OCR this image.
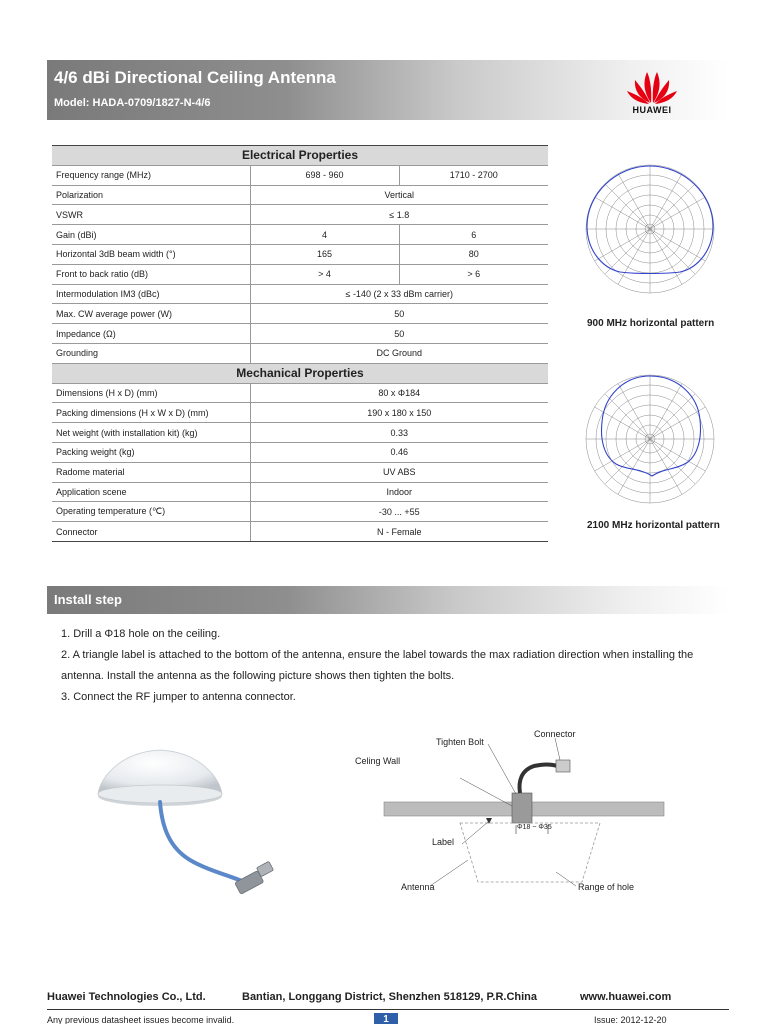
4/6 dBi Directional Ceiling Antenna
Model: HADA-0709/1827-N-4/6
HUAWEI
Electrical Properties		
Frequency range (MHz)	698 - 960	1710 - 2700
Polarization	Vertical	
VSWR	≤ 1.8	
Gain (dBi)	4	6
Horizontal 3dB beam width (°)	165	80
Front to back ratio (dB)	> 4	> 6
Intermodulation IM3 (dBc)	≤ -140 (2 x 33 dBm carrier)	
Max. CW average power (W)	50	
Impedance (Ω)	50	
Grounding	DC Ground	
Mechanical Properties		
Dimensions (H x D) (mm)	80 x Φ184	
Packing dimensions (H x W x D) (mm)	190 x 180 x 150	
Net weight (with installation kit) (kg)	0.33	
Packing weight (kg)	0.46	
Radome material	UV ABS	
Application scene	Indoor	
Operating temperature (℃)	-30 ... +55	
Connector	N - Female	
900 MHz horizontal pattern
2100 MHz horizontal pattern
Install step
1. Drill a Φ18 hole on the ceiling.
2. A triangle label is attached to the bottom of the antenna, ensure the label towards the max radiation direction when installing the antenna. Install the antenna as the following picture shows then tighten the bolts.
3. Connect the RF jumper to antenna connector.
Tighten Bolt
Connector
Celing Wall
Φ18 ~ Φ35
Label
Antenna	Range of hole
Huawei Technologies Co., Ltd.	Bantian, Longgang District, Shenzhen 518129, P.R.China	www.huawei.com
Any previous datasheet issues become invalid.	1	Issue: 2012-12-20
